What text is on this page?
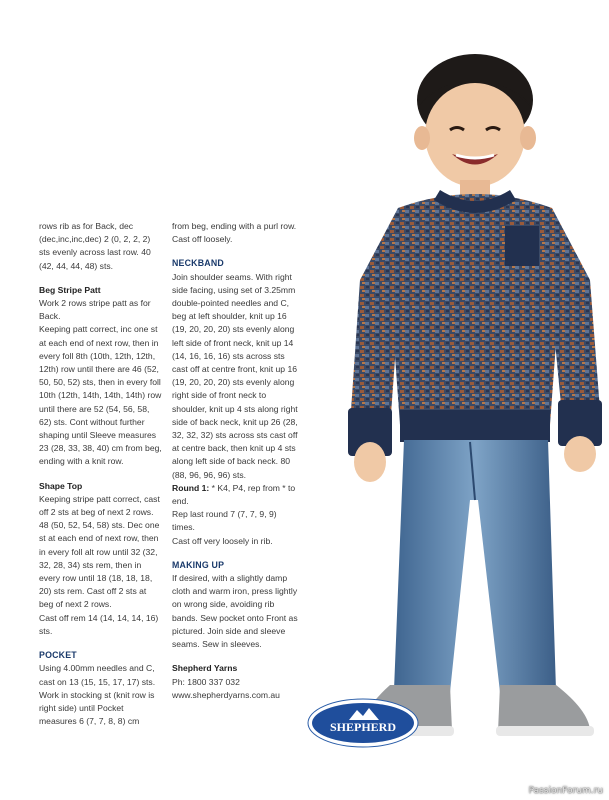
rows rib as for Back, dec (dec,inc,inc,dec) 2 (0, 2, 2, 2) sts evenly across last row. 40 (42, 44, 44, 48) sts.

Beg Stripe Patt

Work 2 rows stripe patt as for Back.

Keeping patt correct, inc one st at each end of next row, then in every foll 8th (10th, 12th, 12th, 12th) row until there are 46 (52, 50, 50, 52) sts, then in every foll 10th (12th, 14th, 14th, 14th) row until there are 52 (54, 56, 58, 62) sts. Cont without further shaping until Sleeve measures 23 (28, 33, 38, 40) cm from beg, ending with a knit row.

Shape Top

Keeping stripe patt correct, cast off 2 sts at beg of next 2 rows. 48 (50, 52, 54, 58) sts. Dec one st at each end of next row, then in every foll alt row until 32 (32, 32, 28, 34) sts rem, then in every row until 18 (18, 18, 18, 20) sts rem. Cast off 2 sts at beg of next 2 rows.

Cast off rem 14 (14, 14, 14, 16) sts.

POCKET

Using 4.00mm needles and C, cast on 13 (15, 15, 17, 17) sts. Work in stocking st (knit row is right side) until Pocket measures 6 (7, 7, 8, 8) cm

from beg, ending with a purl row.

Cast off loosely.

NECKBAND

Join shoulder seams. With right side facing, using set of 3.25mm double-pointed needles and C, beg at left shoulder, knit up 16 (19, 20, 20, 20) sts evenly along left side of front neck, knit up 14 (14, 16, 16, 16) sts across sts cast off at centre front, knit up 16 (19, 20, 20, 20) sts evenly along right side of front neck to shoulder, knit up 4 sts along right side of back neck, knit up 26 (28, 32, 32, 32) sts across sts cast off at centre back, then knit up 4 sts along left side of back neck. 80 (88, 96, 96, 96) sts.

Round 1: * K4, P4, rep from * to end.

Rep last round 7 (7, 7, 9, 9) times.

Cast off very loosely in rib.

MAKING UP

If desired, with a slightly damp cloth and warm iron, press lightly on wrong side, avoiding rib bands. Sew pocket onto Front as pictured. Join side and sleeve seams. Sew in sleeves.

Shepherd Yarns

Ph: 1800 337 032

www.shepherdyarns.com.au

SHEPHERD
PassionForum.ru
